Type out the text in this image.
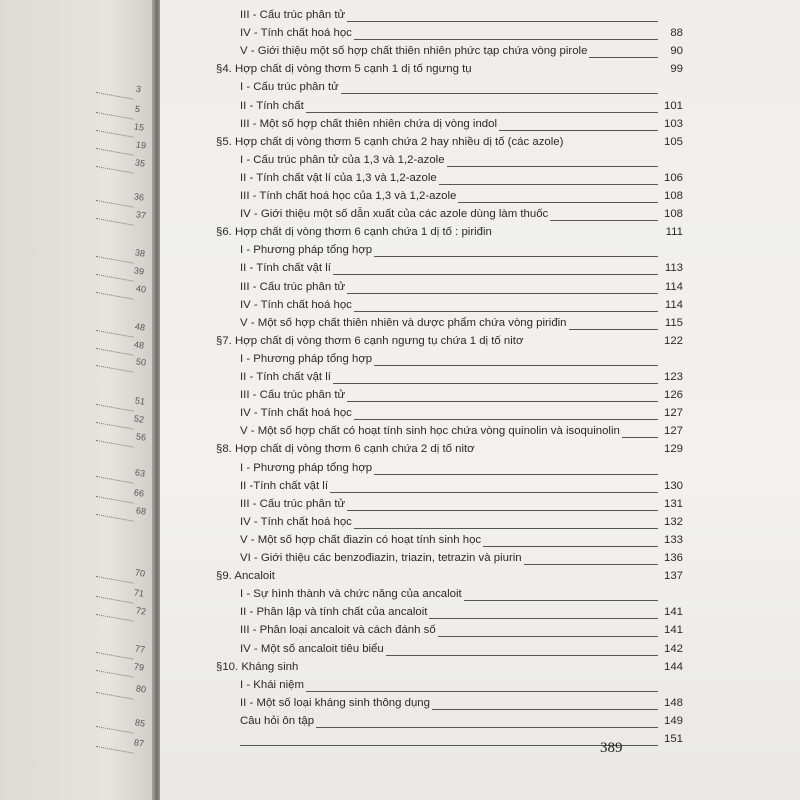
3
5
15
19
35
36
37
38
39
40
48
48
50
51
52
56
63
66
68
70
71
72
77
79
80
85
87
III - Cấu trúc phân tử
IV - Tính chất hoá học	88
V - Giới thiệu một số hợp chất thiên nhiên phức tạp chứa vòng pirole	90
§4. Hợp chất dị vòng thơm 5 cạnh 1 dị tố ngưng tụ	99
I - Cấu trúc phân tử
II - Tính chất	101
III - Một số hợp chất thiên nhiên chứa dị vòng indol	103
§5. Hợp chất dị vòng thơm 5 cạnh chứa 2 hay nhiều dị tố (các azole)	105
I - Cấu trúc phân tử của 1,3 và 1,2-azole
II - Tính chất vật lí của 1,3 và 1,2-azole	106
III - Tính chất hoá học của 1,3 và 1,2-azole	108
IV - Giới thiệu một số dẫn xuất của các azole dùng làm thuốc	108
§6. Hợp chất dị vòng thơm 6 cạnh chứa 1 dị tố : piriđin	111
I - Phương pháp tổng hợp
II - Tính chất vật lí	113
III - Cấu trúc phân tử	114
IV - Tính chất hoá học	114
V - Một số hợp chất thiên nhiên và dược phẩm chứa vòng piriđin	115
§7. Hợp chất dị vòng thơm 6 cạnh ngưng tụ chứa 1 dị tố nitơ	122
I - Phương pháp tổng hợp
II - Tính chất vật lí	123
III - Cấu trúc phân tử	126
IV - Tính chất hoá học	127
V - Một số hợp chất có hoạt tính sinh học chứa vòng quinolin và isoquinolin	127
§8. Hợp chất dị vòng thơm 6 cạnh chứa 2 dị tố nitơ	129
I - Phương pháp tổng hợp
II -Tính chất vật lí	130
III - Cấu trúc phân tử	131
IV - Tính chất hoá học	132
V - Một số hợp chất điazin có hoạt tính sinh học	133
VI - Giới thiệu các benzođiazin, triazin, tetrazin và piurin	136
§9. Ancaloit	137
I - Sự hình thành và chức năng của ancaloit
II - Phân lập và tính chất của ancaloit	141
III - Phân loại ancaloit và cách đánh số	141
IV - Một số ancaloit tiêu biểu	142
§10. Kháng sinh	144
I - Khái niệm
II - Một số loại kháng sinh thông dụng	148
Câu hỏi ôn tập	149
151
389
